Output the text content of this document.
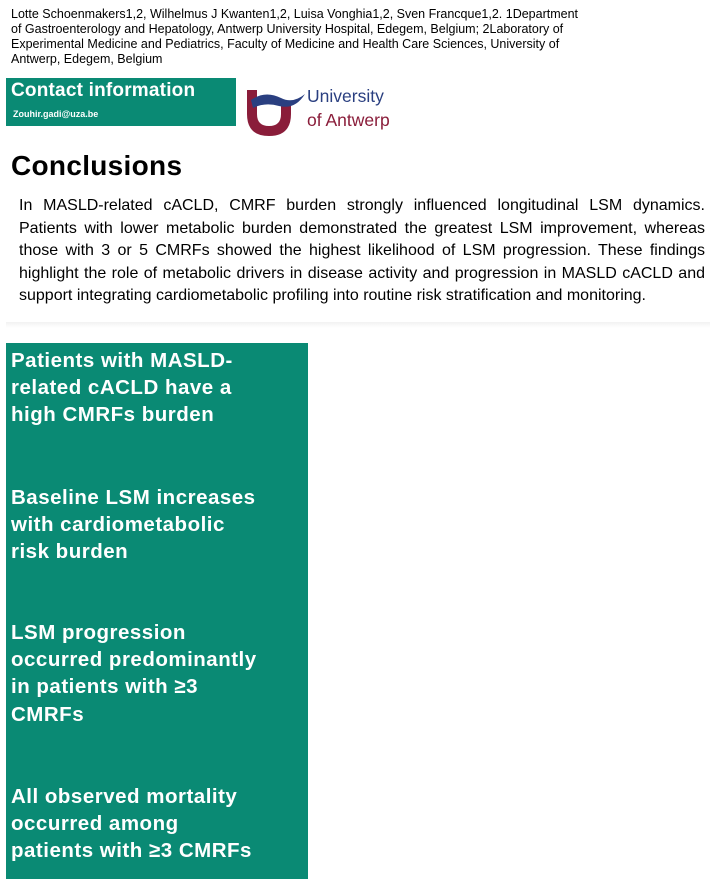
Lotte Schoenmakers1,2, Wilhelmus J Kwanten1,2, Luisa Vonghia1,2, Sven Francque1,2. 1Department
of Gastroenterology and Hepatology, Antwerp University Hospital, Edegem, Belgium; 2Laboratory of
Experimental Medicine and Pediatrics, Faculty of Medicine and Health Care Sciences, University of
Antwerp, Edegem, Belgium
Contact information
Zouhir.gadi@uza.be
University
of Antwerp
Conclusions
In MASLD-related cACLD, CMRF burden strongly influenced longitudinal LSM dynamics. Patients with lower metabolic burden demonstrated the greatest LSM improvement, whereas those with 3 or 5 CMRFs showed the highest likelihood of LSM progression. These findings highlight the role of metabolic drivers in disease activity and progression in MASLD cACLD and support integrating cardiometabolic profiling into routine risk stratification and monitoring.
Patients with MASLD-
related cACLD have a
high CMRFs burden
Baseline LSM increases
with cardiometabolic
risk burden
LSM progression
occurred predominantly
in patients with ≥3
CMRFs
All observed mortality
occurred among
patients with ≥3 CMRFs
